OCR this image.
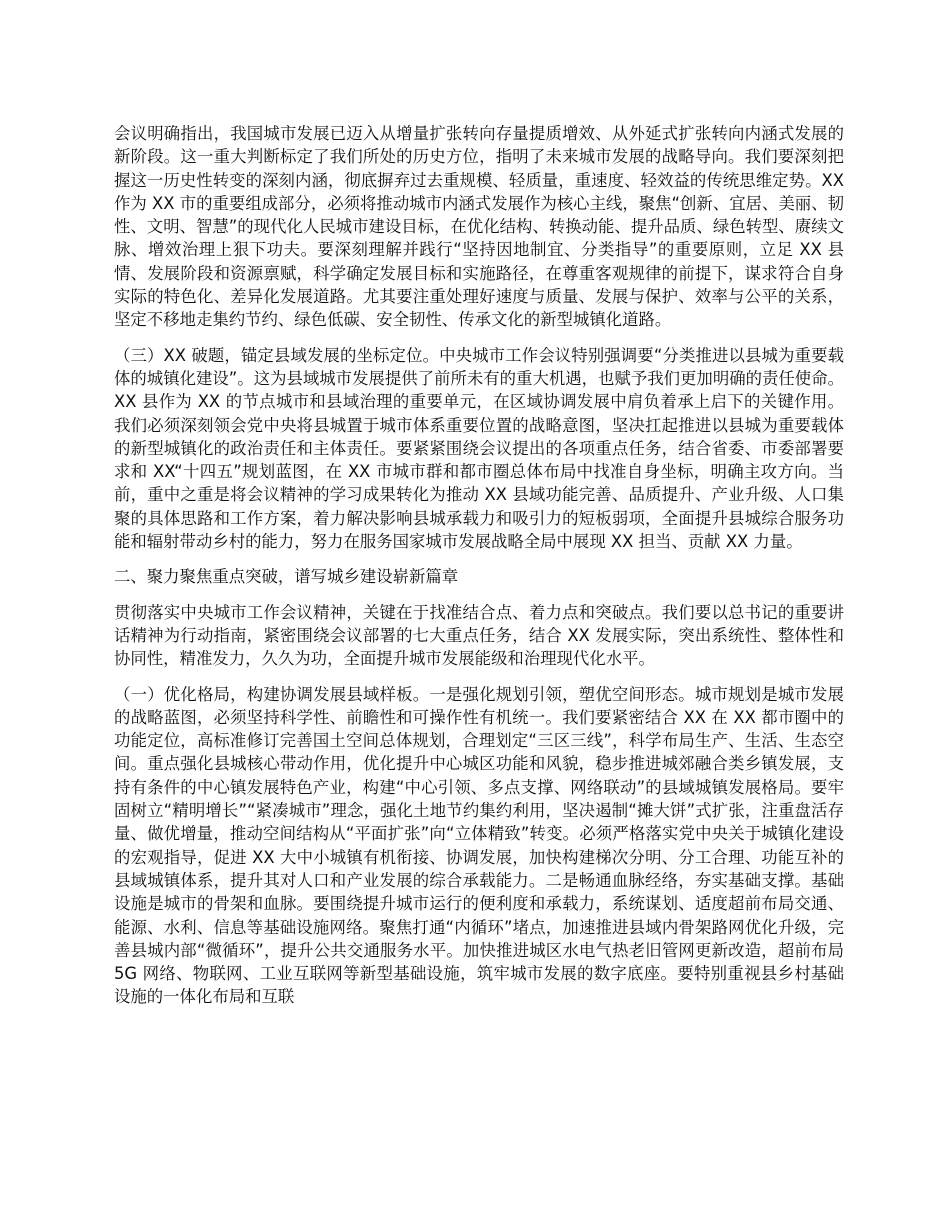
会议明确指出，我国城市发展已迈入从增量扩张转向存量提质增效、从外延式扩张转向内涵式发展的新阶段。这一重大判断标定了我们所处的历史方位，指明了未来城市发展的战略导向。我们要深刻把握这一历史性转变的深刻内涵，彻底摒弃过去重规模、轻质量，重速度、轻效益的传统思维定势。XX 作为 XX 市的重要组成部分，必须将推动城市内涵式发展作为核心主线，聚焦“创新、宜居、美丽、韧性、文明、智慧”的现代化人民城市建设目标，在优化结构、转换动能、提升品质、绿色转型、赓续文脉、增效治理上狠下功夫。要深刻理解并践行“坚持因地制宜、分类指导”的重要原则，立足 XX 县情、发展阶段和资源禀赋，科学确定发展目标和实施路径，在尊重客观规律的前提下，谋求符合自身实际的特色化、差异化发展道路。尤其要注重处理好速度与质量、发展与保护、效率与公平的关系，坚定不移地走集约节约、绿色低碳、安全韧性、传承文化的新型城镇化道路。

（三）XX 破题，锚定县域发展的坐标定位。中央城市工作会议特别强调要“分类推进以县城为重要载体的城镇化建设”。这为县域城市发展提供了前所未有的重大机遇，也赋予我们更加明确的责任使命。XX 县作为 XX 的节点城市和县域治理的重要单元，在区域协调发展中肩负着承上启下的关键作用。我们必须深刻领会党中央将县城置于城市体系重要位置的战略意图，坚决扛起推进以县城为重要载体的新型城镇化的政治责任和主体责任。要紧紧围绕会议提出的各项重点任务，结合省委、市委部署要求和 XX“十四五”规划蓝图，在 XX 市城市群和都市圈总体布局中找准自身坐标，明确主攻方向。当前，重中之重是将会议精神的学习成果转化为推动 XX 县域功能完善、品质提升、产业升级、人口集聚的具体思路和工作方案，着力解决影响县城承载力和吸引力的短板弱项，全面提升县城综合服务功能和辐射带动乡村的能力，努力在服务国家城市发展战略全局中展现 XX 担当、贡献 XX 力量。

二、聚力聚焦重点突破，谱写城乡建设崭新篇章

贯彻落实中央城市工作会议精神，关键在于找准结合点、着力点和突破点。我们要以总书记的重要讲话精神为行动指南，紧密围绕会议部署的七大重点任务，结合 XX 发展实际，突出系统性、整体性和协同性，精准发力，久久为功，全面提升城市发展能级和治理现代化水平。

（一）优化格局，构建协调发展县域样板。一是强化规划引领，塑优空间形态。城市规划是城市发展的战略蓝图，必须坚持科学性、前瞻性和可操作性有机统一。我们要紧密结合 XX 在 XX 都市圈中的功能定位，高标准修订完善国土空间总体规划，合理划定“三区三线”，科学布局生产、生活、生态空间。重点强化县城核心带动作用，优化提升中心城区功能和风貌，稳步推进城郊融合类乡镇发展，支持有条件的中心镇发展特色产业，构建“中心引领、多点支撑、网络联动”的县域城镇发展格局。要牢固树立“精明增长”“紧凑城市”理念，强化土地节约集约利用，坚决遏制“摊大饼”式扩张，注重盘活存量、做优增量，推动空间结构从“平面扩张”向“立体精致”转变。必须严格落实党中央关于城镇化建设的宏观指导，促进 XX 大中小城镇有机衔接、协调发展，加快构建梯次分明、分工合理、功能互补的县域城镇体系，提升其对人口和产业发展的综合承载能力。二是畅通血脉经络，夯实基础支撑。基础设施是城市的骨架和血脉。要围绕提升城市运行的便利度和承载力，系统谋划、适度超前布局交通、能源、水利、信息等基础设施网络。聚焦打通“内循环”堵点，加速推进县域内骨架路网优化升级，完善县城内部“微循环”，提升公共交通服务水平。加快推进城区水电气热老旧管网更新改造，超前布局 5G 网络、物联网、工业互联网等新型基础设施，筑牢城市发展的数字底座。要特别重视县乡村基础设施的一体化布局和互联
